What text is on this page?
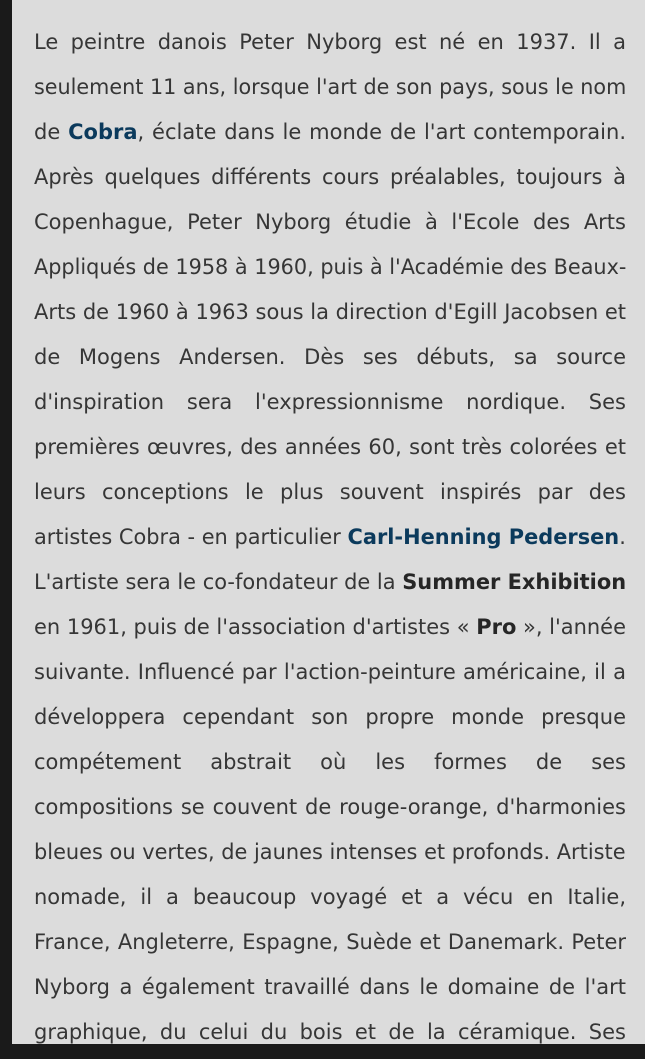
Le peintre danois Peter Nyborg est né en 1937. Il a
seulement 11 ans, lorsque l'art de son pays, sous le nom
de Cobra, éclate dans le monde de l'art contemporain.
Après quelques différents cours préalables, toujours à
Copenhague, Peter Nyborg étudie à l'Ecole des Arts
Appliqués de 1958 à 1960, puis à l'Académie des Beaux-
Arts de 1960 à 1963 sous la direction d'Egill Jacobsen et
de Mogens Andersen. Dès ses débuts, sa source
d'inspiration sera l'expressionnisme nordique. Ses
premières œuvres, des années 60, sont très colorées et
leurs conceptions le plus souvent inspirés par des
artistes Cobra - en particulier Carl-Henning Pedersen.
L'artiste sera le co-fondateur de la Summer Exhibition
en 1961, puis de l'association d'artistes « Pro », l'année
suivante. Influencé par l'action-peinture américaine, il a
développera cependant son propre monde presque
compétement abstrait où les formes de ses
compositions se couvent de rouge-orange, d'harmonies
bleues ou vertes, de jaunes intenses et profonds. Artiste
nomade, il a beaucoup voyagé et a vécu en Italie,
France, Angleterre, Espagne, Suède et Danemark. Peter
Nyborg a également travaillé dans le domaine de l'art
graphique, du celui du bois et de la céramique. Ses
